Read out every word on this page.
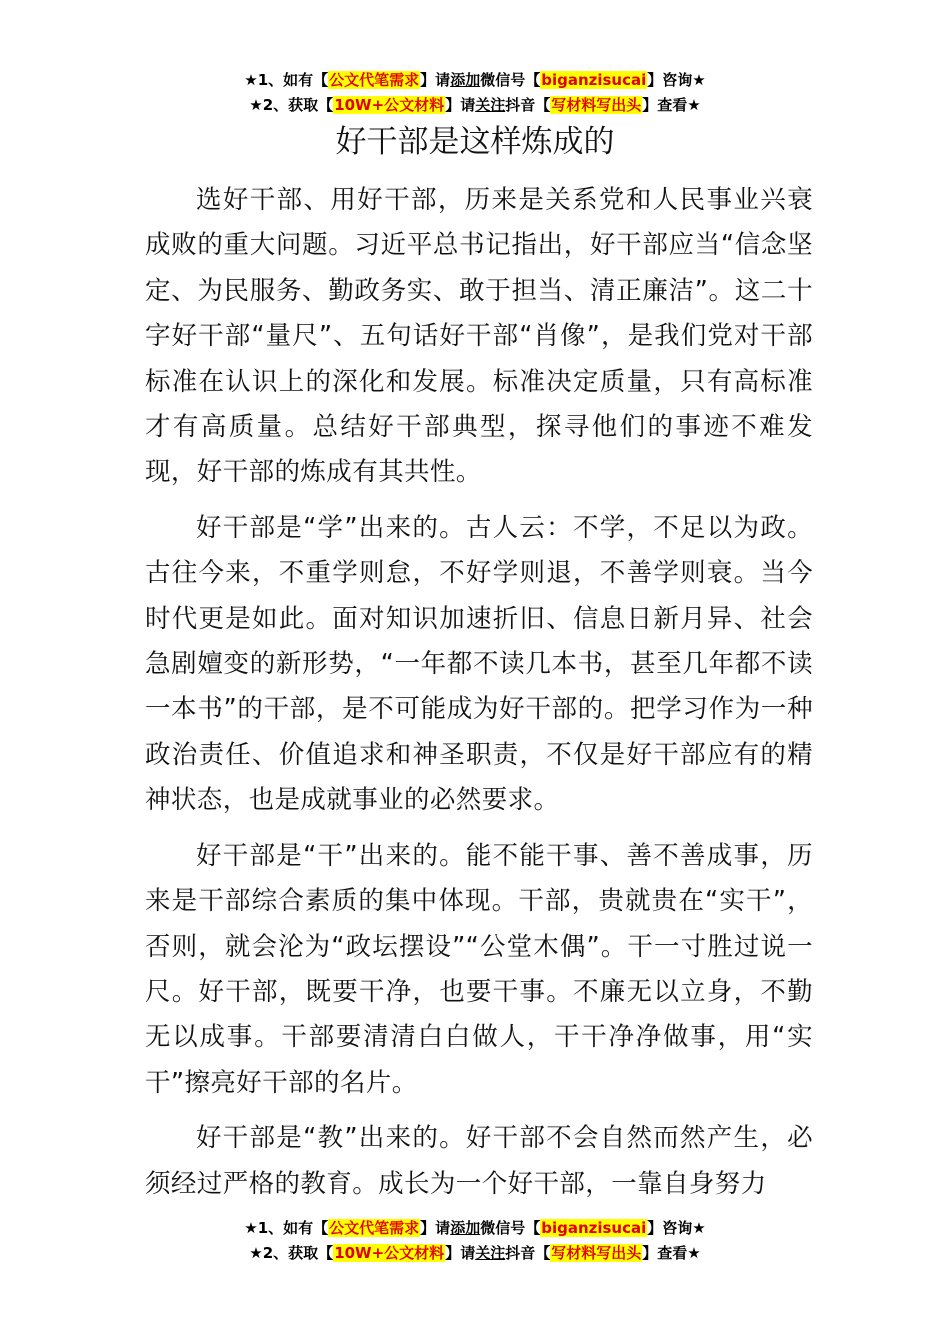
★1、如有【公文代笔需求】请添加微信号【biganzisucai】咨询★
★2、获取【10W+公文材料】请关注抖音【写材料写出头】查看★
好干部是这样炼成的

选好干部、用好干部，历来是关系党和人民事业兴衰成败的重大问题。习近平总书记指出，好干部应当“信念坚定、为民服务、勤政务实、敢于担当、清正廉洁”。这二十字好干部“量尺”、五句话好干部“肖像”，是我们党对干部标准在认识上的深化和发展。标准决定质量，只有高标准才有高质量。总结好干部典型，探寻他们的事迹不难发现，好干部的炼成有其共性。

好干部是“学”出来的。古人云：不学，不足以为政。古往今来，不重学则怠，不好学则退，不善学则衰。当今时代更是如此。面对知识加速折旧、信息日新月异、社会急剧嬗变的新形势，“一年都不读几本书，甚至几年都不读一本书”的干部，是不可能成为好干部的。把学习作为一种政治责任、价值追求和神圣职责，不仅是好干部应有的精神状态，也是成就事业的必然要求。

好干部是“干”出来的。能不能干事、善不善成事，历来是干部综合素质的集中体现。干部，贵就贵在“实干”，否则，就会沦为“政坛摆设”“公堂木偶”。干一寸胜过说一尺。好干部，既要干净，也要干事。不廉无以立身，不勤无以成事。干部要清清白白做人，干干净净做事，用“实干”擦亮好干部的名片。

好干部是“教”出来的。好干部不会自然而然产生，必须经过严格的教育。成长为一个好干部，一靠自身努力

★1、如有【公文代笔需求】请添加微信号【biganzisucai】咨询★
★2、获取【10W+公文材料】请关注抖音【写材料写出头】查看★
